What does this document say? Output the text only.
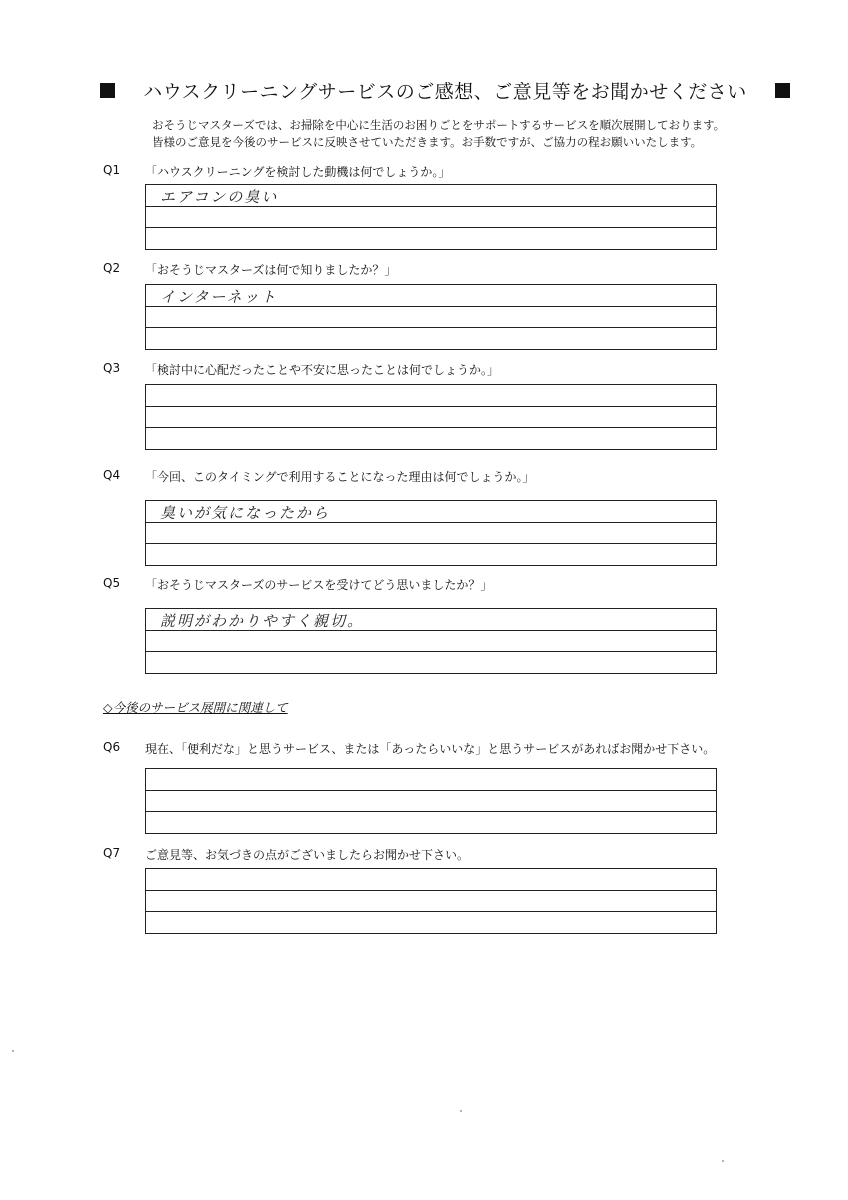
ハウスクリーニングサービスのご感想、ご意見等をお聞かせください
おそうじマスターズでは、お掃除を中心に生活のお困りごとをサポートするサービスを順次展開しております。
皆様のご意見を今後のサービスに反映させていただきます。お手数ですが、ご協力の程お願いいたします。
Q1 「ハウスクリーニングを検討した動機は何でしょうか。」
エアコンの臭い
Q2 「おそうじマスターズは何で知りましたか？」
インターネット
Q3 「検討中に心配だったことや不安に思ったことは何でしょうか。」
Q4 「今回、このタイミングで利用することになった理由は何でしょうか。」
臭いが気になったから
Q5 「おそうじマスターズのサービスを受けてどう思いましたか？」
説明がわかりやすく親切。
◇今後のサービス展開に関連して
Q6 現在、「便利だな」と思うサービス、または「あったらいいな」と思うサービスがあればお聞かせ下さい。
Q7 ご意見等、お気づきの点がございましたらお聞かせ下さい。
